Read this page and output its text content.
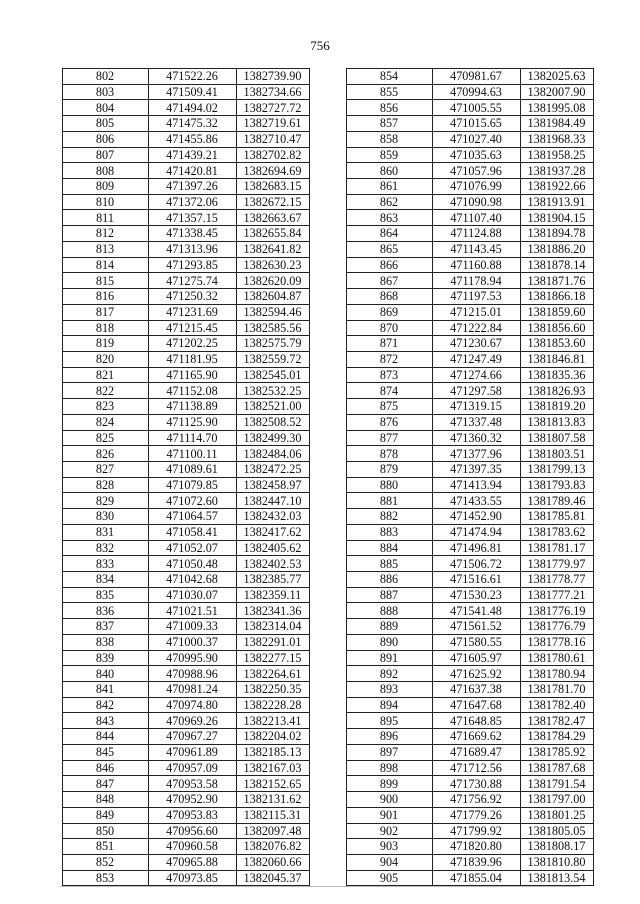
756
802	471522.26	1382739.90
803	471509.41	1382734.66
804	471494.02	1382727.72
805	471475.32	1382719.61
806	471455.86	1382710.47
807	471439.21	1382702.82
808	471420.81	1382694.69
809	471397.26	1382683.15
810	471372.06	1382672.15
811	471357.15	1382663.67
812	471338.45	1382655.84
813	471313.96	1382641.82
814	471293.85	1382630.23
815	471275.74	1382620.09
816	471250.32	1382604.87
817	471231.69	1382594.46
818	471215.45	1382585.56
819	471202.25	1382575.79
820	471181.95	1382559.72
821	471165.90	1382545.01
822	471152.08	1382532.25
823	471138.89	1382521.00
824	471125.90	1382508.52
825	471114.70	1382499.30
826	471100.11	1382484.06
827	471089.61	1382472.25
828	471079.85	1382458.97
829	471072.60	1382447.10
830	471064.57	1382432.03
831	471058.41	1382417.62
832	471052.07	1382405.62
833	471050.48	1382402.53
834	471042.68	1382385.77
835	471030.07	1382359.11
836	471021.51	1382341.36
837	471009.33	1382314.04
838	471000.37	1382291.01
839	470995.90	1382277.15
840	470988.96	1382264.61
841	470981.24	1382250.35
842	470974.80	1382228.28
843	470969.26	1382213.41
844	470967.27	1382204.02
845	470961.89	1382185.13
846	470957.09	1382167.03
847	470953.58	1382152.65
848	470952.90	1382131.62
849	470953.83	1382115.31
850	470956.60	1382097.48
851	470960.58	1382076.82
852	470965.88	1382060.66
853	470973.85	1382045.37
854	470981.67	1382025.63
855	470994.63	1382007.90
856	471005.55	1381995.08
857	471015.65	1381984.49
858	471027.40	1381968.33
859	471035.63	1381958.25
860	471057.96	1381937.28
861	471076.99	1381922.66
862	471090.98	1381913.91
863	471107.40	1381904.15
864	471124.88	1381894.78
865	471143.45	1381886.20
866	471160.88	1381878.14
867	471178.94	1381871.76
868	471197.53	1381866.18
869	471215.01	1381859.60
870	471222.84	1381856.60
871	471230.67	1381853.60
872	471247.49	1381846.81
873	471274.66	1381835.36
874	471297.58	1381826.93
875	471319.15	1381819.20
876	471337.48	1381813.83
877	471360.32	1381807.58
878	471377.96	1381803.51
879	471397.35	1381799.13
880	471413.94	1381793.83
881	471433.55	1381789.46
882	471452.90	1381785.81
883	471474.94	1381783.62
884	471496.81	1381781.17
885	471506.72	1381779.97
886	471516.61	1381778.77
887	471530.23	1381777.21
888	471541.48	1381776.19
889	471561.52	1381776.79
890	471580.55	1381778.16
891	471605.97	1381780.61
892	471625.92	1381780.94
893	471637.38	1381781.70
894	471647.68	1381782.40
895	471648.85	1381782.47
896	471669.62	1381784.29
897	471689.47	1381785.92
898	471712.56	1381787.68
899	471730.88	1381791.54
900	471756.92	1381797.00
901	471779.26	1381801.25
902	471799.92	1381805.05
903	471820.80	1381808.17
904	471839.96	1381810.80
905	471855.04	1381813.54
